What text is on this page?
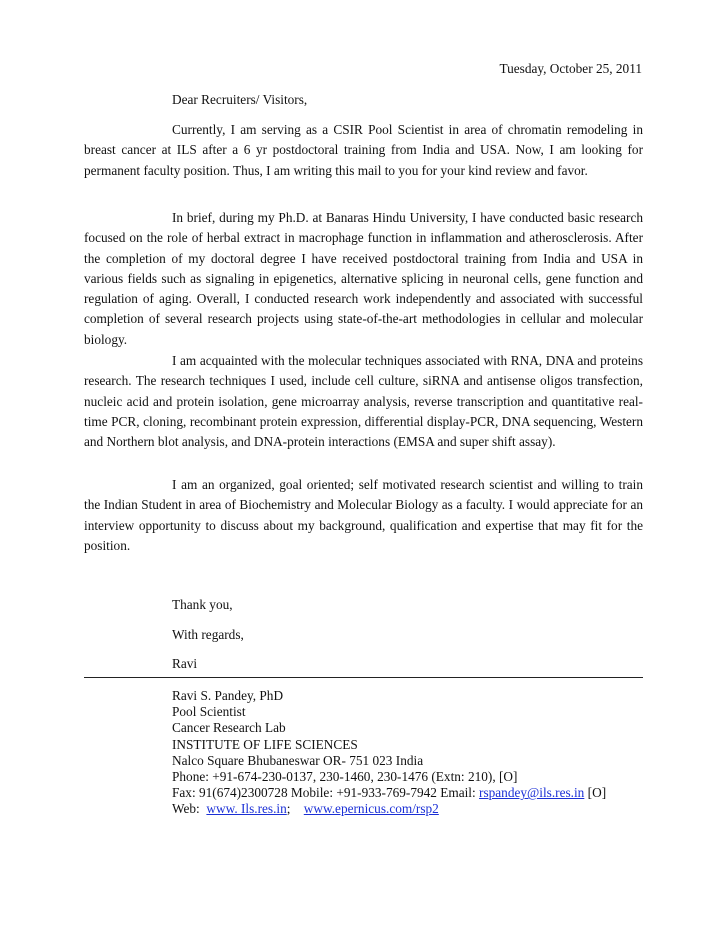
Tuesday, October 25, 2011
Dear Recruiters/ Visitors,

Currently, I am serving as a CSIR Pool Scientist in area of chromatin remodeling in breast cancer at ILS after a 6 yr postdoctoral training from India and USA. Now, I am looking for permanent faculty position. Thus, I am writing this mail to you for your kind review and favor.

In brief, during my Ph.D. at Banaras Hindu University, I have conducted basic research focused on the role of herbal extract in macrophage function in inflammation and atherosclerosis. After the completion of my doctoral degree I have received postdoctoral training from India and USA in various fields such as signaling in epigenetics, alternative splicing in neuronal cells, gene function and regulation of aging. Overall, I conducted research work independently and associated with successful completion of several research projects using state-of-the-art methodologies in cellular and molecular biology.

I am acquainted with the molecular techniques associated with RNA, DNA and proteins research. The research techniques I used, include cell culture, siRNA and antisense oligos transfection, nucleic acid and protein isolation, gene microarray analysis, reverse transcription and quantitative real-time PCR, cloning, recombinant protein expression, differential display-PCR, DNA sequencing, Western and Northern blot analysis, and DNA-protein interactions (EMSA and super shift assay).

I am an organized, goal oriented; self motivated research scientist and willing to train the Indian Student in area of Biochemistry and Molecular Biology as a faculty. I would appreciate for an interview opportunity to discuss about my background, qualification and expertise that may fit for the position.

Thank you,
With regards,
Ravi
Ravi S. Pandey, PhD
Pool Scientist
Cancer Research Lab
INSTITUTE OF LIFE SCIENCES
Nalco Square Bhubaneswar OR- 751 023 India
Phone: +91-674-230-0137, 230-1460, 230-1476 (Extn: 210), [O]
Fax: 91(674)2300728 Mobile: +91-933-769-7942 Email: rspandey@ils.res.in [O]
Web:  www. Ils.res.in; www.epernicus.com/rsp2
